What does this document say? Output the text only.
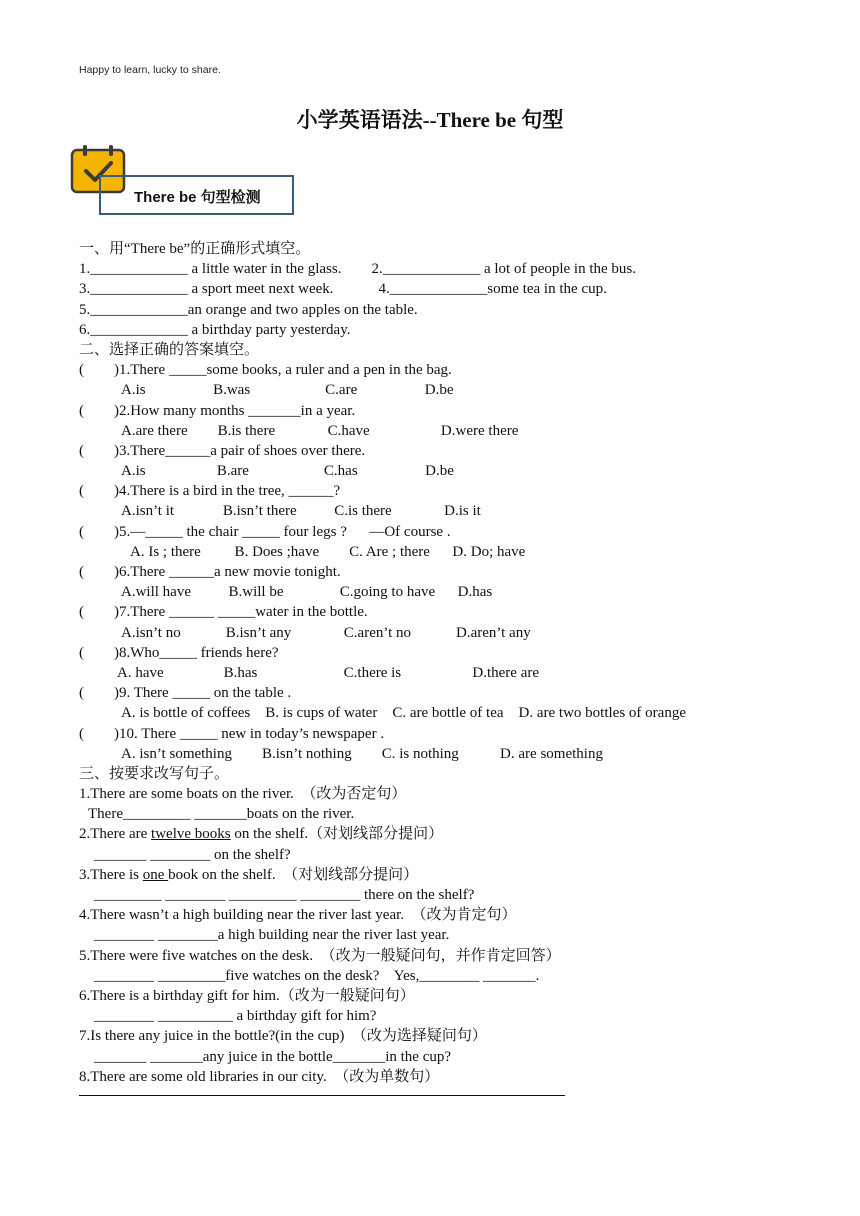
Happy to learn, lucky to share.
小学英语语法--There be 句型
There be 句型检测
一、用“There be”的正确形式填空。
1._____________ a little water in the glass.        2._____________ a lot of people in the bus.
3._____________ a sport meet next week.            4._____________some tea in the cup.
5._____________an orange and two apples on the table.
6._____________ a birthday party yesterday.
二、选择正确的答案填空。
(        )1.There _____some books, a ruler and a pen in the bag.
A.is                  B.was                    C.are                  D.be
(        )2.How many months _______in a year.
A.are there        B.is there              C.have                   D.were there
(        )3.There______a pair of shoes over there.
A.is                   B.are                    C.has                  D.be
(        )4.There is a bird in the tree, ______?
A.isn’t it             B.isn’t there          C.is there              D.is it
(        )5.—_____ the chair _____ four legs ?      —Of course .
A. Is ; there         B. Does ;have        C. Are ; there      D. Do; have
(        )6.There ______a new movie tonight.
A.will have          B.will be               C.going to have      D.has
(        )7.There ______ _____water in the bottle.
A.isn’t no            B.isn’t any              C.aren’t no            D.aren’t any
(        )8.Who_____ friends here?
A. have                B.has                       C.there is                   D.there are
(        )9. There _____ on the table .
A. is bottle of coffees    B. is cups of water    C. are bottle of tea    D. are two bottles of orange
(        )10. There _____ new in today’s newspaper .
A. isn’t something        B.isn’t nothing        C. is nothing           D. are something
三、按要求改写句子。
1.There are some boats on the river.  （改为否定句）
There_________ _______boats on the river.
2.There are twelve books on the shelf.（对划线部分提问）
_______ ________ on the shelf?
3.There is one book on the shelf.  （对划线部分提问）
_________ ________ _________ ________ there on the shelf?
4.There wasn’t a high building near the river last year.  （改为肯定句）
________ ________a high building near the river last year.
5.There were five watches on the desk.  （改为一般疑问句，并作肯定回答）
________ _________five watches on the desk?    Yes,________ _______.
6.There is a birthday gift for him.（改为一般疑问句）
________ __________ a birthday gift for him?
7.Is there any juice in the bottle?(in the cup)  （改为选择疑问句）
_______ _______any juice in the bottle_______in the cup?
8.There are some old libraries in our city.  （改为单数句）
